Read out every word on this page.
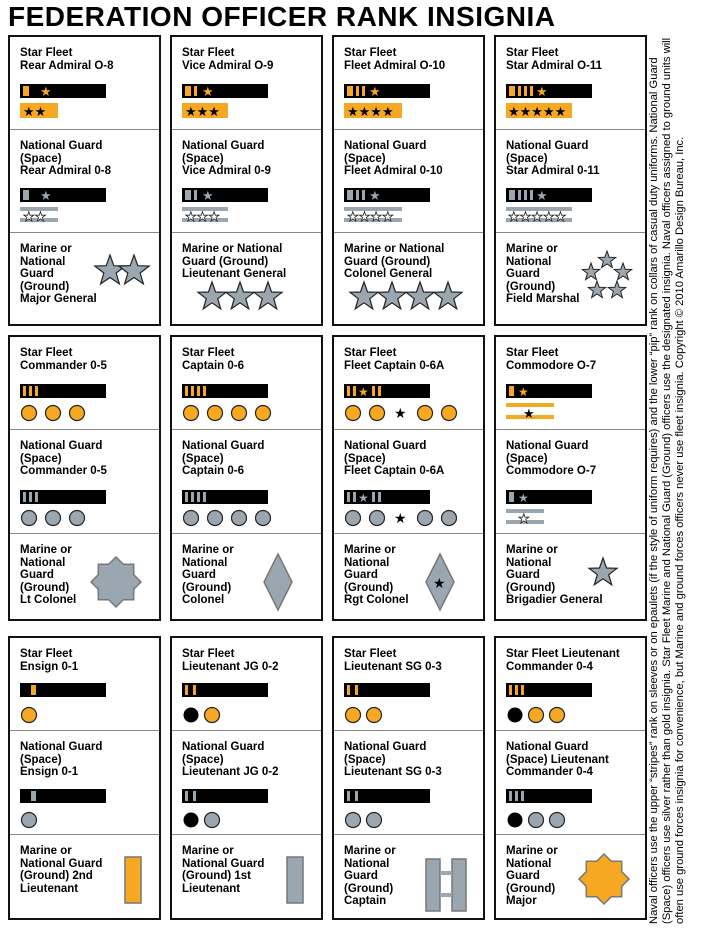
FEDERATION OFFICER RANK INSIGNIA
Star Fleet
Rear Admiral O-8
★
★★
National Guard
(Space)
Rear Admiral 0-8
★
★★
Marine or
National
Guard
(Ground)
Major General
Star Fleet
Vice Admiral O-9
★
★★★
National Guard
(Space)
Vice Admiral 0-9
★
★★★
Marine or National
Guard (Ground)
Lieutenant General
Star Fleet
Fleet Admiral O-10
★
★★★★
National Guard
(Space)
Fleet Admiral 0-10
★
★★★★
Marine or National
Guard (Ground)
Colonel General
Star Fleet
Star Admiral O-11
★
★★★★★
National Guard
(Space)
Star Admiral 0-11
★
★★★★★
Marine or
National
Guard
(Ground)
Field Marshal
Star Fleet
Commander 0-5
National Guard
(Space)
Commander 0-5
Marine or
National
Guard
(Ground)
Lt Colonel
Star Fleet
Captain 0-6
National Guard
(Space)
Captain 0-6
Marine or
National
Guard
(Ground)
Colonel
Star Fleet
Fleet Captain 0-6A
★
★
National Guard
(Space)
Fleet Captain 0-6A
★
★
Marine or
National
Guard
(Ground)
Rgt Colonel
★
Star Fleet
Commodore O-7
★
★
National Guard
(Space)
Commodore O-7
★
★
Marine or
National
Guard
(Ground)
Brigadier General
Star Fleet
Ensign 0-1
National Guard
(Space)
Ensign 0-1
Marine or
National Guard
(Ground) 2nd
Lieutenant
Star Fleet
Lieutenant JG 0-2
National Guard
(Space)
Lieutenant JG 0-2
Marine or
National Guard
(Ground) 1st
Lieutenant
Star Fleet
Lieutenant SG 0-3
National Guard
(Space)
Lieutenant SG 0-3
Marine or
National
Guard
(Ground)
Captain
Star Fleet Lieutenant
Commander 0-4
National Guard
(Space) Lieutenant
Commander 0-4
Marine or
National
Guard
(Ground)
Major	Naval officers use the upper “stripes” rank on sleeves or on epaulets (if the style of uniform requires) and the lower “pip” rank on collars of casual duty uniforms. National Guard (Space) officers use silver rather than gold insignia. Star Fleet Marine and National Guard (Ground) officers use the designated insignia. Naval officers assigned to ground units will often use ground forces insignia for convenience, but Marine and ground forces officers never use fleet insignia. Copyright © 2010 Amarillo Design Bureau, Inc.
